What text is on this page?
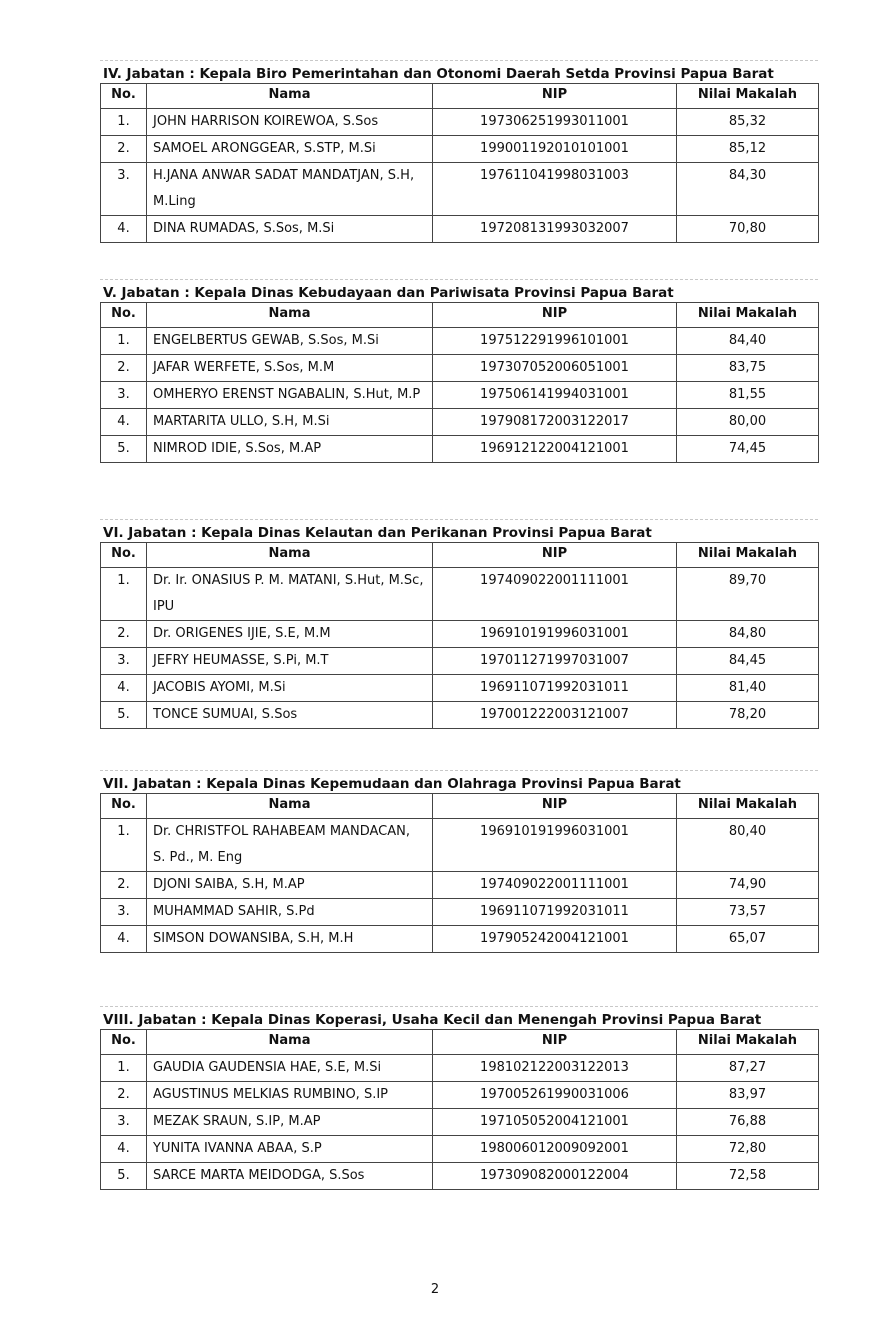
IV. Jabatan : Kepala Biro Pemerintahan dan Otonomi Daerah Setda Provinsi Papua Barat

No.	Nama	NIP	Nilai Makalah
1.	JOHN HARRISON KOIREWOA, S.Sos	197306251993011001	85,32
2.	SAMOEL ARONGGEAR, S.STP, M.Si	199001192010101001	85,12
3.	H.JANA ANWAR SADAT MANDATJAN, S.H, M.Ling	197611041998031003	84,30
4.	DINA RUMADAS, S.Sos, M.Si	197208131993032007	70,80

V. Jabatan : Kepala Dinas Kebudayaan dan Pariwisata Provinsi Papua Barat

No.	Nama	NIP	Nilai Makalah
1.	ENGELBERTUS GEWAB, S.Sos, M.Si	197512291996101001	84,40
2.	JAFAR WERFETE, S.Sos, M.M	197307052006051001	83,75
3.	OMHERYO ERENST NGABALIN, S.Hut, M.P	197506141994031001	81,55
4.	MARTARITA ULLO, S.H, M.Si	197908172003122017	80,00
5.	NIMROD IDIE, S.Sos, M.AP	196912122004121001	74,45

VI. Jabatan : Kepala Dinas Kelautan dan Perikanan Provinsi Papua Barat

No.	Nama	NIP	Nilai Makalah
1.	Dr. Ir. ONASIUS P. M. MATANI, S.Hut, M.Sc, IPU	197409022001111001	89,70
2.	Dr. ORIGENES IJIE, S.E, M.M	196910191996031001	84,80
3.	JEFRY HEUMASSE, S.Pi, M.T	197011271997031007	84,45
4.	JACOBIS AYOMI, M.Si	196911071992031011	81,40
5.	TONCE SUMUAI, S.Sos	197001222003121007	78,20

VII. Jabatan : Kepala Dinas Kepemudaan dan Olahraga Provinsi Papua Barat

No.	Nama	NIP	Nilai Makalah
1.	Dr. CHRISTFOL RAHABEAM MANDACAN, S. Pd., M. Eng	196910191996031001	80,40
2.	DJONI SAIBA, S.H, M.AP	197409022001111001	74,90
3.	MUHAMMAD SAHIR, S.Pd	196911071992031011	73,57
4.	SIMSON DOWANSIBA, S.H, M.H	197905242004121001	65,07

VIII. Jabatan : Kepala Dinas Koperasi, Usaha Kecil dan Menengah Provinsi Papua Barat

No.	Nama	NIP	Nilai Makalah
1.	GAUDIA GAUDENSIA HAE, S.E, M.Si	198102122003122013	87,27
2.	AGUSTINUS MELKIAS RUMBINO, S.IP	197005261990031006	83,97
3.	MEZAK SRAUN, S.IP, M.AP	197105052004121001	76,88
4.	YUNITA IVANNA ABAA, S.P	198006012009092001	72,80
5.	SARCE MARTA MEIDODGA, S.Sos	197309082000122004	72,58
2
